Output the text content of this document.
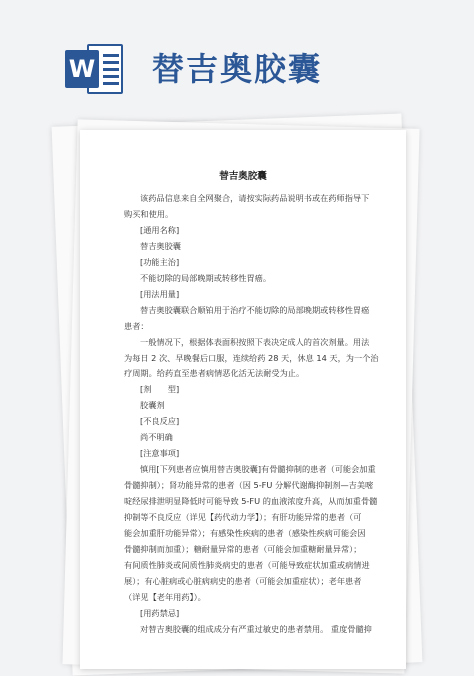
W 替吉奥胶囊
替吉奥胶囊
该药品信息来自全网聚合，请按实际药品说明书或在药师指导下
购买和使用。
[通用名称]
替吉奥胶囊
[功能主治]
不能切除的局部晚期或转移性胃癌。
[用法用量]
替吉奥胶囊联合顺铂用于治疗不能切除的局部晚期或转移性胃癌
患者：
一般情况下，根据体表面积按照下表决定成人的首次剂量。用法
为每日 2 次、早晚餐后口服，连续给药 28 天，休息 14 天，为一个治
疗周期。给药直至患者病情恶化活无法耐受为止。
[剂　　型]
胶囊剂
[不良反应]
尚不明确
[注意事项]
慎用[下列患者应慎用替吉奥胶囊]有骨髓抑制的患者（可能会加重
骨髓抑制）；肾功能异常的患者（因 5-FU 分解代谢酶抑制剂—吉美嘧
啶经尿排泄明显降低时可能导致 5-FU 的血液浓度升高，从而加重骨髓
抑制等不良反应（详见【药代动力学】）；有肝功能异常的患者（可
能会加重肝功能异常）；有感染性疾病的患者（感染性疾病可能会因
骨髓抑制而加重）；糖耐量异常的患者（可能会加重糖耐量异常）；
有间质性肺炎或间质性肺炎病史的患者（可能导致症状加重或病情进
展）；有心脏病或心脏病病史的患者（可能会加重症状）；老年患者
（详见【老年用药】）。
[用药禁忌]
对替吉奥胶囊的组成成分有严重过敏史的患者禁用。 重度骨髓抑
